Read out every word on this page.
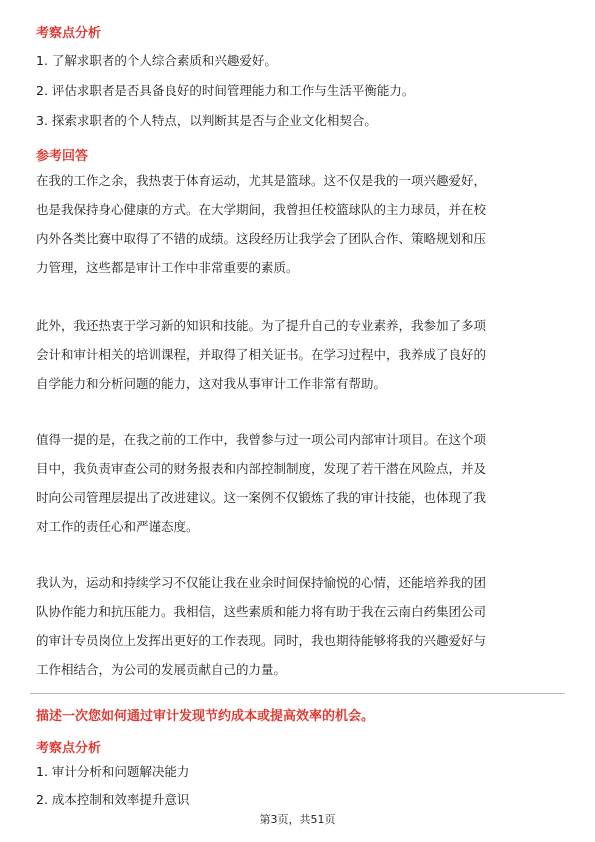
考察点分析
1. 了解求职者的个人综合素质和兴趣爱好。
2. 评估求职者是否具备良好的时间管理能力和工作与生活平衡能力。
3. 探索求职者的个人特点，以判断其是否与企业文化相契合。
参考回答
在我的工作之余，我热衷于体育运动，尤其是篮球。这不仅是我的一项兴趣爱好，
也是我保持身心健康的方式。在大学期间，我曾担任校篮球队的主力球员，并在校
内外各类比赛中取得了不错的成绩。这段经历让我学会了团队合作、策略规划和压
力管理，这些都是审计工作中非常重要的素质。
此外，我还热衷于学习新的知识和技能。为了提升自己的专业素养，我参加了多项
会计和审计相关的培训课程，并取得了相关证书。在学习过程中，我养成了良好的
自学能力和分析问题的能力，这对我从事审计工作非常有帮助。
值得一提的是，在我之前的工作中，我曾参与过一项公司内部审计项目。在这个项
目中，我负责审查公司的财务报表和内部控制制度，发现了若干潜在风险点，并及
时向公司管理层提出了改进建议。这一案例不仅锻炼了我的审计技能，也体现了我
对工作的责任心和严谨态度。
我认为，运动和持续学习不仅能让我在业余时间保持愉悦的心情，还能培养我的团
队协作能力和抗压能力。我相信，这些素质和能力将有助于我在云南白药集团公司
的审计专员岗位上发挥出更好的工作表现。同时，我也期待能够将我的兴趣爱好与
工作相结合，为公司的发展贡献自己的力量。
描述一次您如何通过审计发现节约成本或提高效率的机会。
考察点分析
1. 审计分析和问题解决能力
2. 成本控制和效率提升意识
第3页，共51页
